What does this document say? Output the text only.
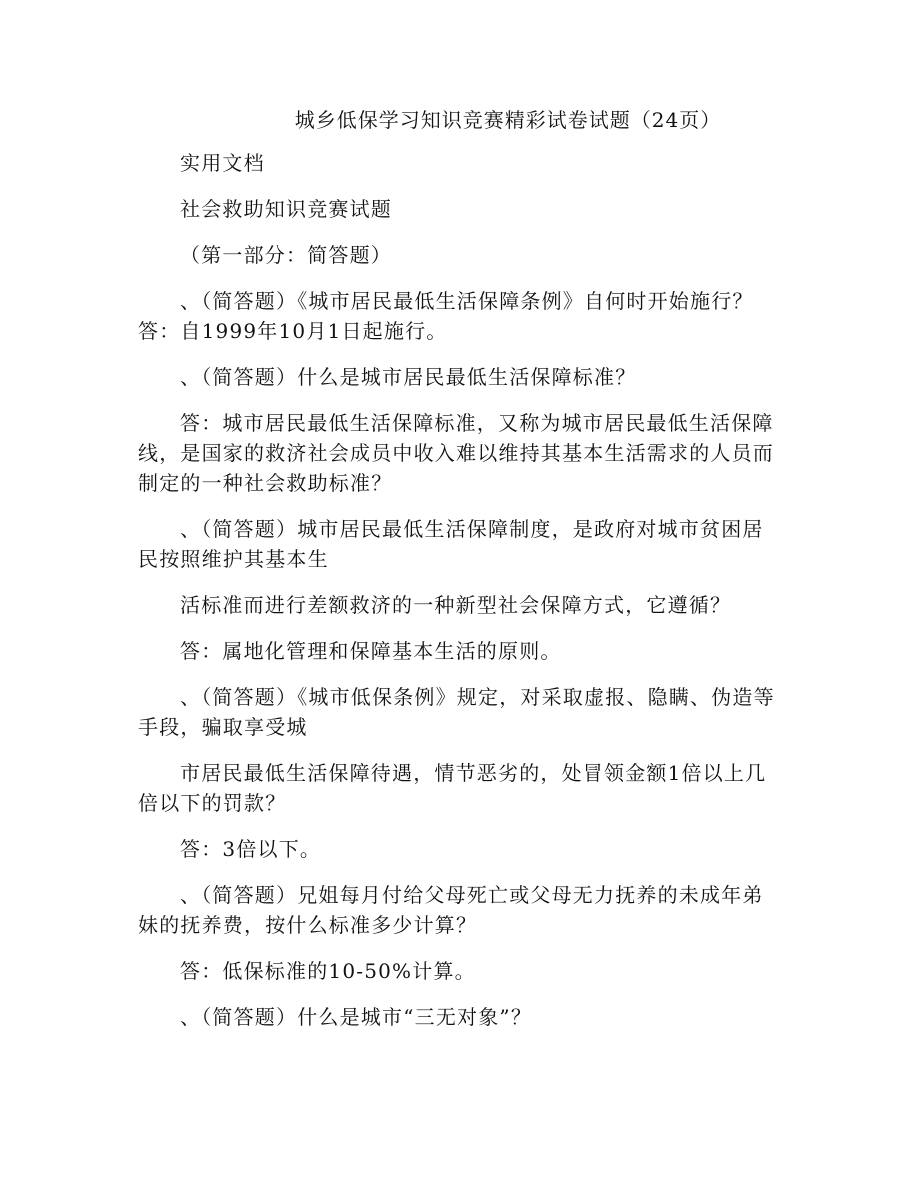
城乡低保学习知识竞赛精彩试卷试题（24页）

实用文档

社会救助知识竞赛试题

（第一部分：简答题）

、（简答题）《城市居民最低生活保障条例》自何时开始施行？答：自1999年10月1日起施行。

、（简答题）什么是城市居民最低生活保障标准？

答：城市居民最低生活保障标准，又称为城市居民最低生活保障线，是国家的救济社会成员中收入难以维持其基本生活需求的人员而制定的一种社会救助标准？

、（简答题）城市居民最低生活保障制度，是政府对城市贫困居民按照维护其基本生

活标准而进行差额救济的一种新型社会保障方式，它遵循？

答：属地化管理和保障基本生活的原则。

、（简答题）《城市低保条例》规定，对采取虚报、隐瞒、伪造等手段，骗取享受城

市居民最低生活保障待遇，情节恶劣的，处冒领金额1倍以上几倍以下的罚款？

答：3倍以下。

、（简答题）兄姐每月付给父母死亡或父母无力抚养的未成年弟妹的抚养费，按什么标准多少计算？

答：低保标准的10-50%计算。

、（简答题）什么是城市“三无对象”？
